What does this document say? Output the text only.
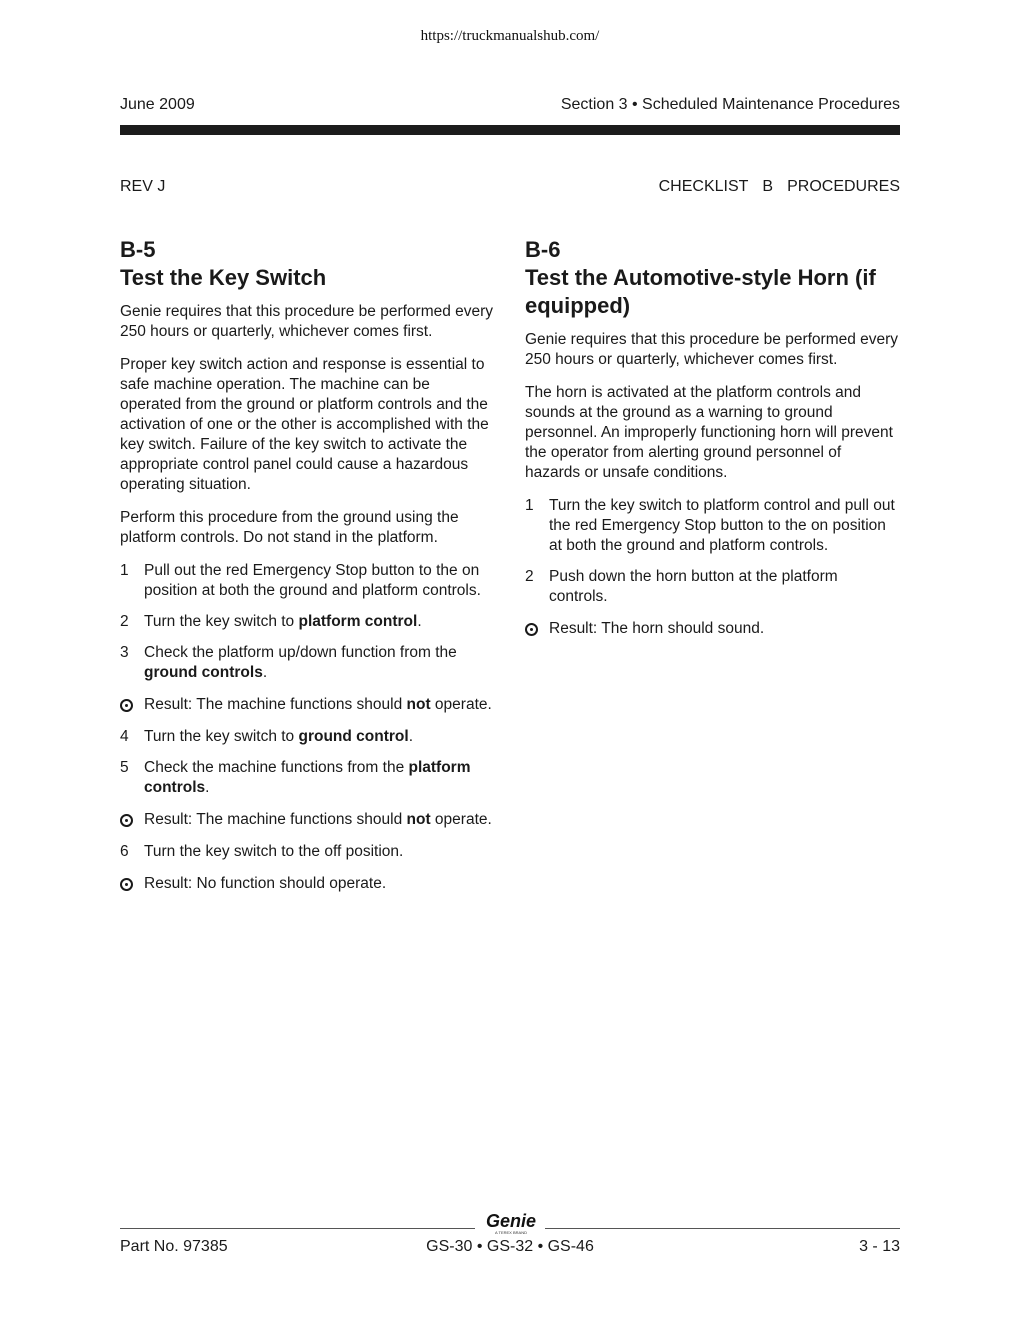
https://truckmanualshub.com/
June 2009	Section 3 • Scheduled Maintenance Procedures
REV J	CHECKLIST B PROCEDURES
B-5
Test the Key Switch

Genie requires that this procedure be performed every 250 hours or quarterly, whichever comes first.

Proper key switch action and response is essential to safe machine operation. The machine can be operated from the ground or platform controls and the activation of one or the other is accomplished with the key switch. Failure of the key switch to activate the appropriate control panel could cause a hazardous operating situation.

Perform this procedure from the ground using the platform controls. Do not stand in the platform.

1 Pull out the red Emergency Stop button to the on position at both the ground and platform controls.
2 Turn the key switch to platform control.
3 Check the platform up/down function from the ground controls.
Result: The machine functions should not operate.
4 Turn the key switch to ground control.
5 Check the machine functions from the platform controls.
Result: The machine functions should not operate.
6 Turn the key switch to the off position.
Result: No function should operate.
B-6
Test the Automotive-style Horn (if equipped)

Genie requires that this procedure be performed every 250 hours or quarterly, whichever comes first.

The horn is activated at the platform controls and sounds at the ground as a warning to ground personnel. An improperly functioning horn will prevent the operator from alerting ground personnel of hazards or unsafe conditions.

1 Turn the key switch to platform control and pull out the red Emergency Stop button to the on position at both the ground and platform controls.
2 Push down the horn button at the platform controls.
Result: The horn should sound.
Genie
A TEREX BRAND
Part No. 97385	GS-30 • GS-32 • GS-46	3 - 13
